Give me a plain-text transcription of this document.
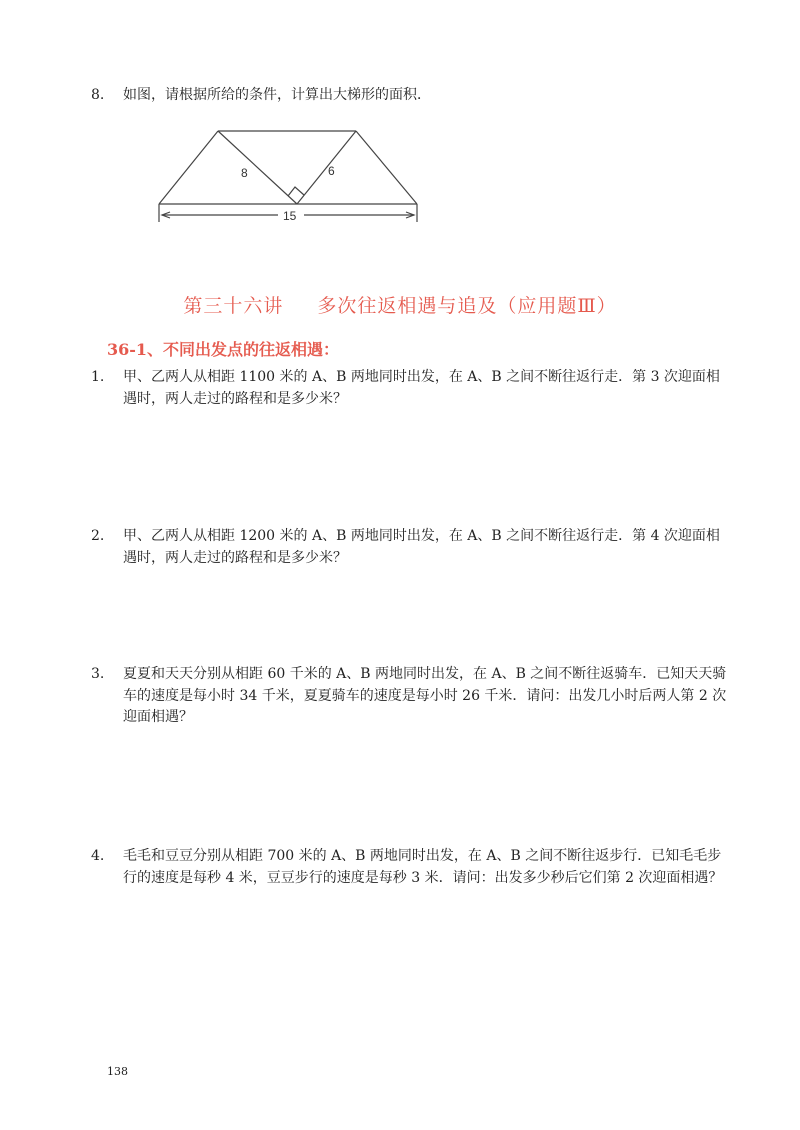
8. 如图，请根据所给的条件，计算出大梯形的面积．

8	6
15
第三十六讲 多次往返相遇与追及（应用题Ⅲ）
36-1、不同出发点的往返相遇：

1. 甲、乙两人从相距 1100 米的 A、B 两地同时出发，在 A、B 之间不断往返行走．第 3 次迎面相遇时，两人走过的路程和是多少米？

2. 甲、乙两人从相距 1200 米的 A、B 两地同时出发，在 A、B 之间不断往返行走．第 4 次迎面相遇时，两人走过的路程和是多少米？

3. 夏夏和天天分别从相距 60 千米的 A、B 两地同时出发，在 A、B 之间不断往返骑车．已知天天骑车的速度是每小时 34 千米，夏夏骑车的速度是每小时 26 千米．请问：出发几小时后两人第 2 次迎面相遇？

4. 毛毛和豆豆分别从相距 700 米的 A、B 两地同时出发，在 A、B 之间不断往返步行．已知毛毛步行的速度是每秒 4 米，豆豆步行的速度是每秒 3 米．请问：出发多少秒后它们第 2 次迎面相遇？

138
